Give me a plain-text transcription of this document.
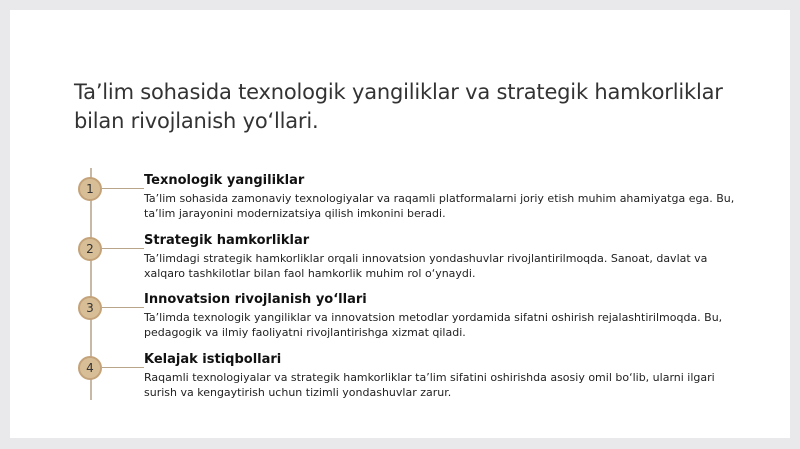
Ta’lim sohasida texnologik yangiliklar va strategik hamkorliklar bilan rivojlanish yo‘llari.
1
Texnologik yangiliklar
Ta’lim sohasida zamonaviy texnologiyalar va raqamli platformalarni joriy etish muhim ahamiyatga ega. Bu, ta’lim jarayonini modernizatsiya qilish imkonini beradi.
2
Strategik hamkorliklar
Ta’limdagi strategik hamkorliklar orqali innovatsion yondashuvlar rivojlantirilmoqda. Sanoat, davlat va xalqaro tashkilotlar bilan faol hamkorlik muhim rol o‘ynaydi.
3
Innovatsion rivojlanish yo‘llari
Ta’limda texnologik yangiliklar va innovatsion metodlar yordamida sifatni oshirish rejalashtirilmoqda. Bu, pedagogik va ilmiy faoliyatni rivojlantirishga xizmat qiladi.
4
Kelajak istiqbollari
Raqamli texnologiyalar va strategik hamkorliklar ta’lim sifatini oshirishda asosiy omil bo‘lib, ularni ilgari surish va kengaytirish uchun tizimli yondashuvlar zarur.
